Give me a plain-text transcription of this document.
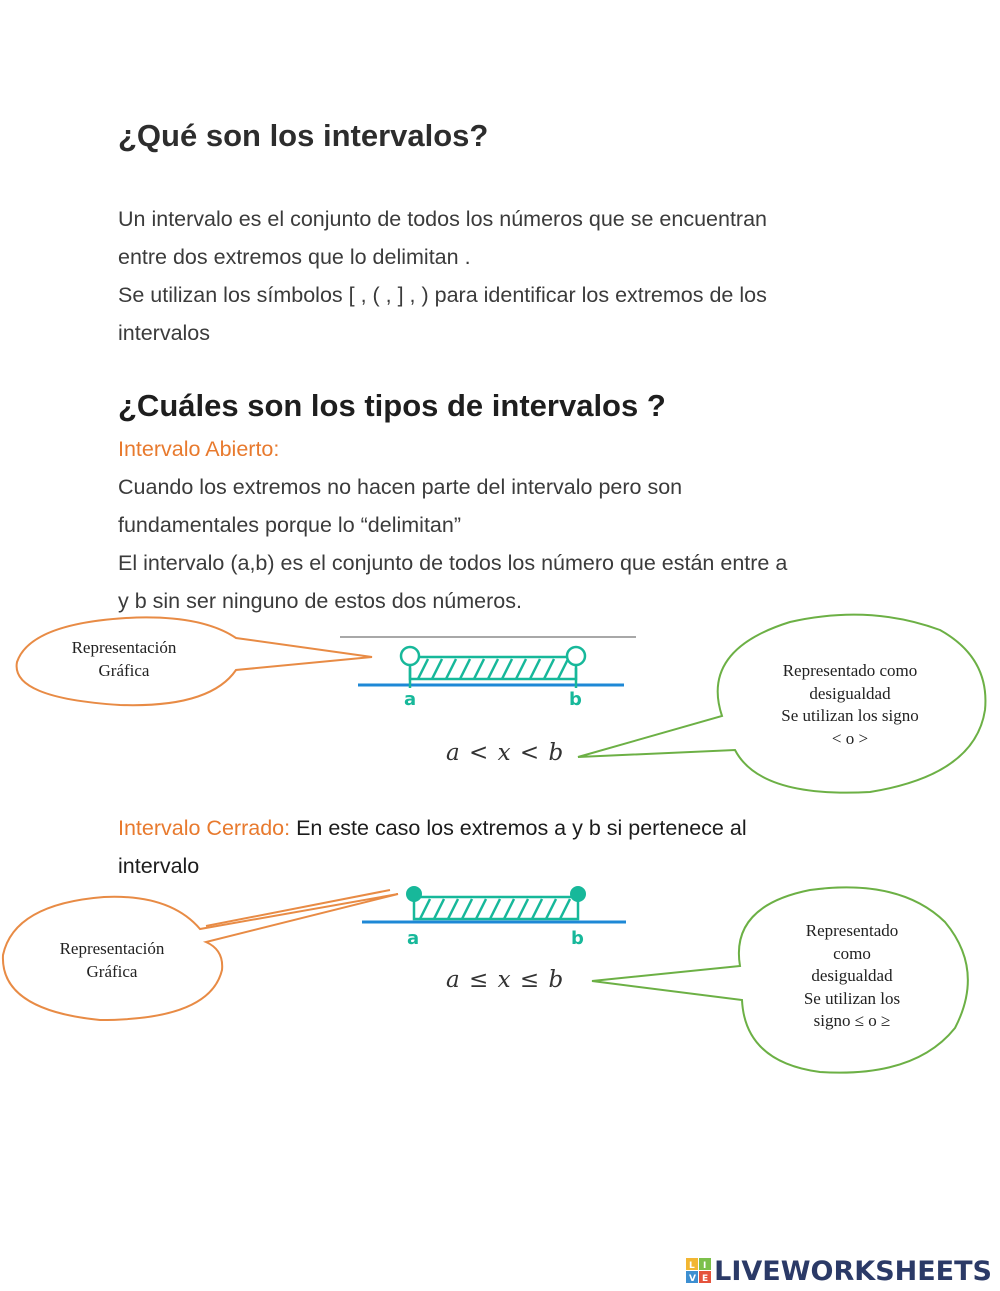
¿Qué son los intervalos?
Un intervalo es el conjunto de todos los números que se encuentran
entre dos extremos que lo delimitan .
Se utilizan los símbolos [ , ( , ] , ) para identificar los extremos de los
intervalos
¿Cuáles son los tipos de intervalos ?
Intervalo Abierto:
Cuando los extremos no hacen parte del intervalo pero son
fundamentales porque lo “delimitan”
El intervalo (a,b) es el conjunto de todos los número que están entre a
y b sin ser ninguno de estos dos números.
a	b
Representación
Gráfica	Representado como
desigualdad
Se utilizan los signo
< o >
a < x < b
Intervalo Cerrado: En este caso los extremos a y b si pertenece al
intervalo
a	b
Representación
Gráfica
Representado
como
desigualdad
Se utilizan los
signo ≤ o ≥
a ≤ x ≤ b
L I
V E LIVEWORKSHEETS
